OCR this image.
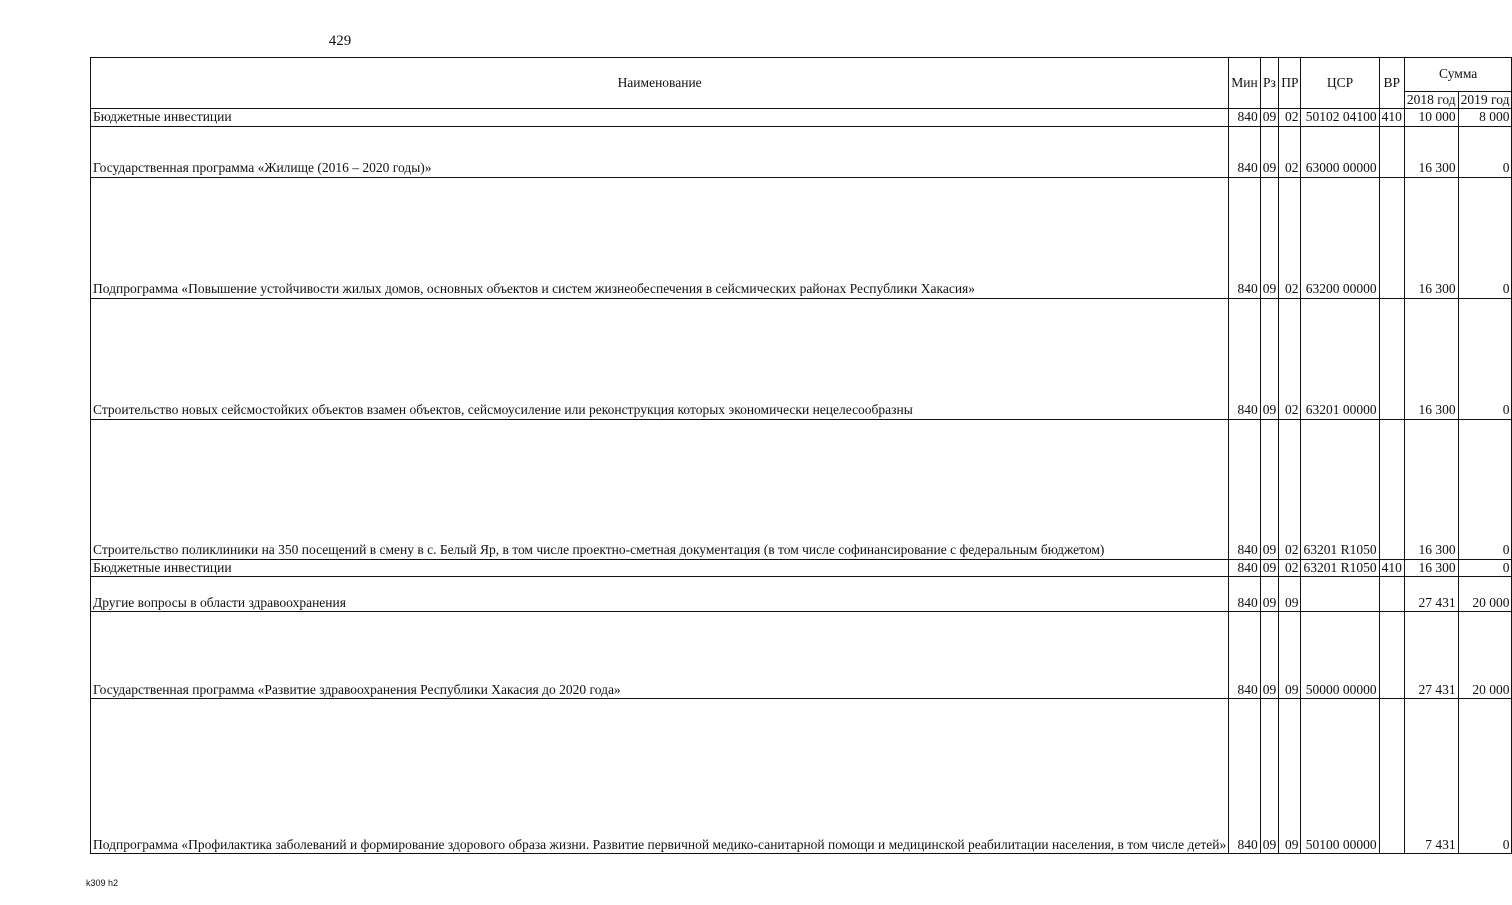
429
Наименование	Мин	Рз	ПР	ЦСР	ВР	Сумма	
						2018 год	2019 год
Бюджетные инвестиции	840	09	02	50102 04100	410	10 000	8 000
Государственная программа «Жилище (2016 – 2020 годы)»	840	09	02	63000 00000		16 300	0
Подпрограмма «Повышение устойчивости жилых домов, основных объектов и систем жизнеобеспечения в сейсмических районах Республики Хакасия»	840	09	02	63200 00000		16 300	0
Строительство новых сейсмостойких объектов взамен объектов, сейсмоусиление или реконструкция которых экономически нецелесообразны	840	09	02	63201 00000		16 300	0
Строительство поликлиники на 350 посещений в смену в с. Белый Яр, в том числе проектно-сметная документация (в том числе софинансирование с федеральным бюджетом)	840	09	02	63201 R1050		16 300	0
Бюджетные инвестиции	840	09	02	63201 R1050	410	16 300	0
Другие вопросы в области здравоохранения	840	09	09			27 431	20 000
Государственная программа «Развитие здравоохранения Республики Хакасия до 2020 года»	840	09	09	50000 00000		27 431	20 000
Подпрограмма «Профилактика заболеваний и формирование здорового образа жизни. Развитие первичной медико-санитарной помощи и медицинской реабилитации населения, в том числе детей»	840	09	09	50100 00000		7 431	0
k309 h2
